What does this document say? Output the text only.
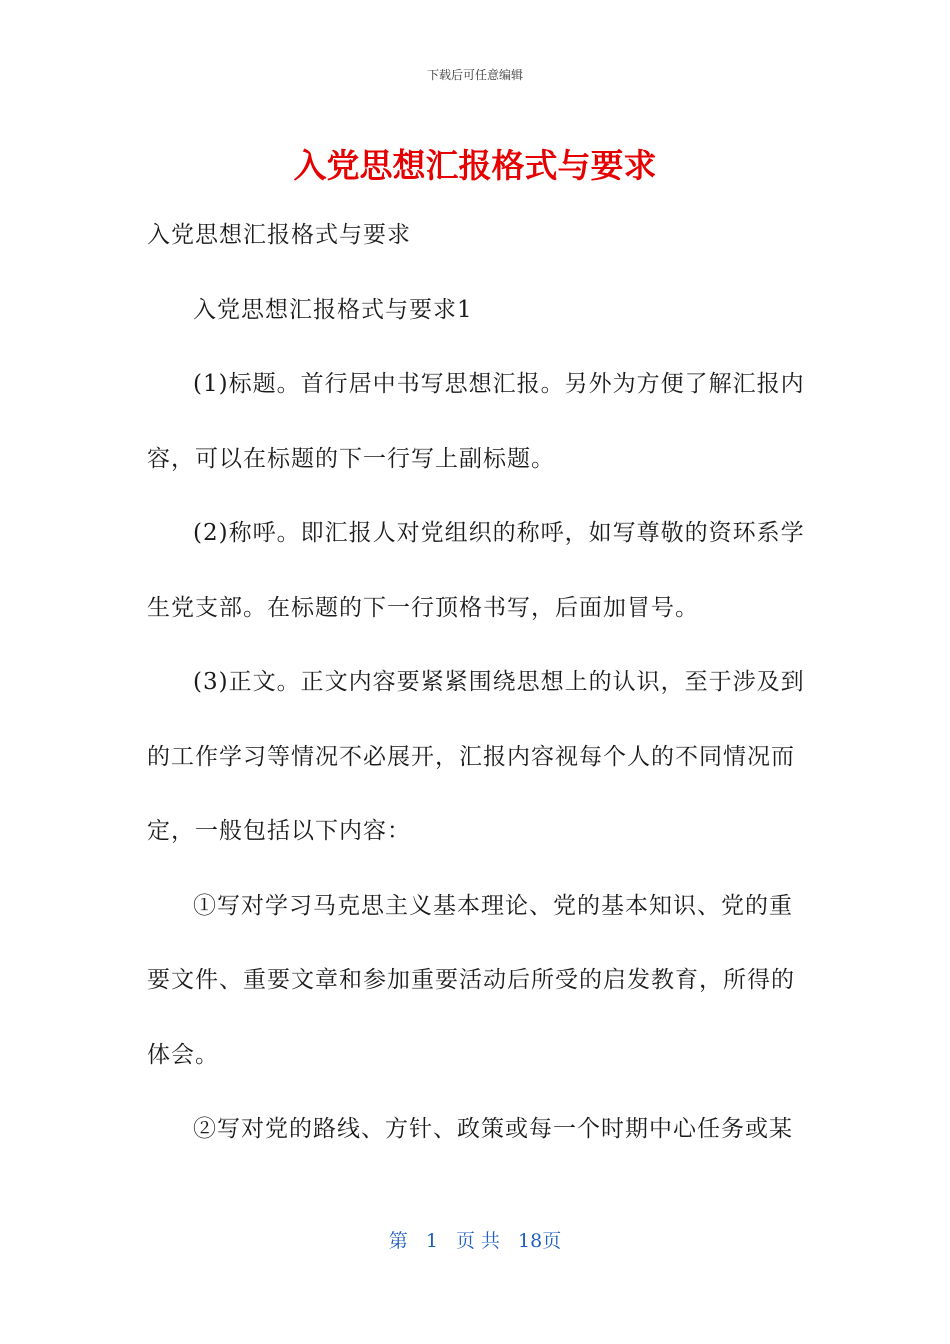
下载后可任意编辑
入党思想汇报格式与要求

入党思想汇报格式与要求

入党思想汇报格式与要求1

(1)标题。首行居中书写思想汇报。另外为方便了解汇报内容，可以在标题的下一行写上副标题。

(2)称呼。即汇报人对党组织的称呼，如写尊敬的资环系学生党支部。在标题的下一行顶格书写，后面加冒号。

(3)正文。正文内容要紧紧围绕思想上的认识，至于涉及到的工作学习等情况不必展开，汇报内容视每个人的不同情况而定，一般包括以下内容：

①写对学习马克思主义基本理论、党的基本知识、党的重要文件、重要文章和参加重要活动后所受的启发教育，所得的体会。

②写对党的路线、方针、政策或每一个时期中心任务或某

第 1 页 共 18页
